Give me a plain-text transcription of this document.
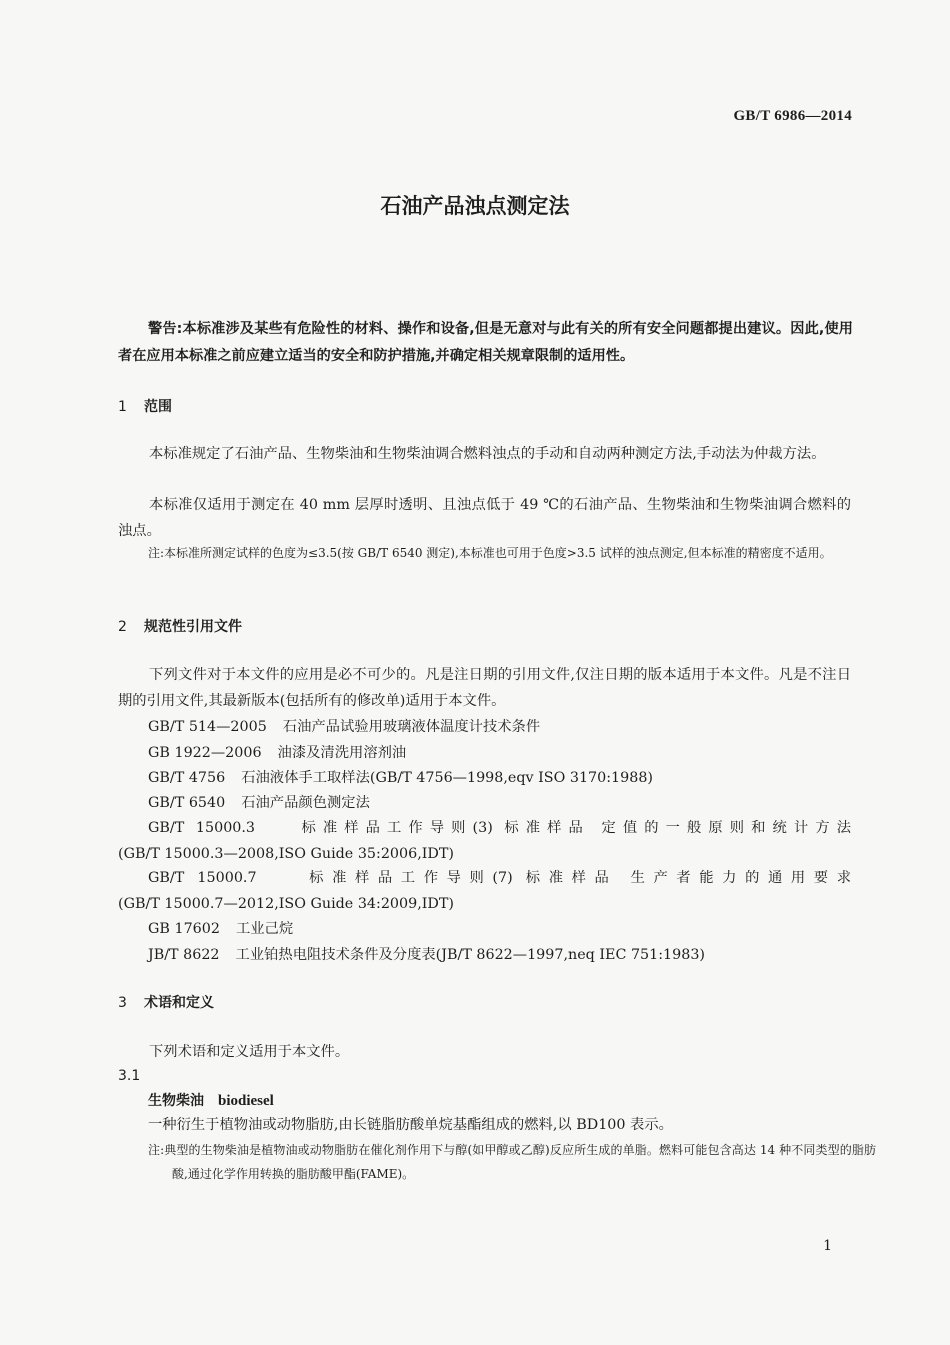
GB/T 6986—2014
石油产品浊点测定法
警告:本标准涉及某些有危险性的材料、操作和设备,但是无意对与此有关的所有安全问题都提出建议。因此,使用者在应用本标准之前应建立适当的安全和防护措施,并确定相关规章限制的适用性。
1 范围
本标准规定了石油产品、生物柴油和生物柴油调合燃料浊点的手动和自动两种测定方法,手动法为仲裁方法。
本标准仅适用于测定在 40 mm 层厚时透明、且浊点低于 49 ℃的石油产品、生物柴油和生物柴油调合燃料的浊点。
注:本标准所测定试样的色度为≤3.5(按 GB/T 6540 测定),本标准也可用于色度>3.5 试样的浊点测定,但本标准的精密度不适用。
2 规范性引用文件
下列文件对于本文件的应用是必不可少的。凡是注日期的引用文件,仅注日期的版本适用于本文件。凡是不注日期的引用文件,其最新版本(包括所有的修改单)适用于本文件。
GB/T 514—2005 石油产品试验用玻璃液体温度计技术条件
GB 1922—2006 油漆及清洗用溶剂油
GB/T 4756 石油液体手工取样法(GB/T 4756—1998,eqv ISO 3170:1988)
GB/T 6540 石油产品颜色测定法
GB/T 15000.3	标准样品工作导则(3) 标准样品 定值的一般原则和统计方法
(GB/T 15000.3—2008,ISO Guide 35:2006,IDT)
GB/T 15000.7	标准样品工作导则(7) 标准样品 生产者能力的通用要求
(GB/T 15000.7—2012,ISO Guide 34:2009,IDT)
GB 17602 工业己烷
JB/T 8622 工业铂热电阻技术条件及分度表(JB/T 8622—1997,neq IEC 751:1983)
3 术语和定义
下列术语和定义适用于本文件。
3.1
生物柴油 biodiesel
一种衍生于植物油或动物脂肪,由长链脂肪酸单烷基酯组成的燃料,以 BD100 表示。
注:典型的生物柴油是植物油或动物脂肪在催化剂作用下与醇(如甲醇或乙醇)反应所生成的单脂。燃料可能包含高达 14 种不同类型的脂肪酸,通过化学作用转换的脂肪酸甲酯(FAME)。
1
